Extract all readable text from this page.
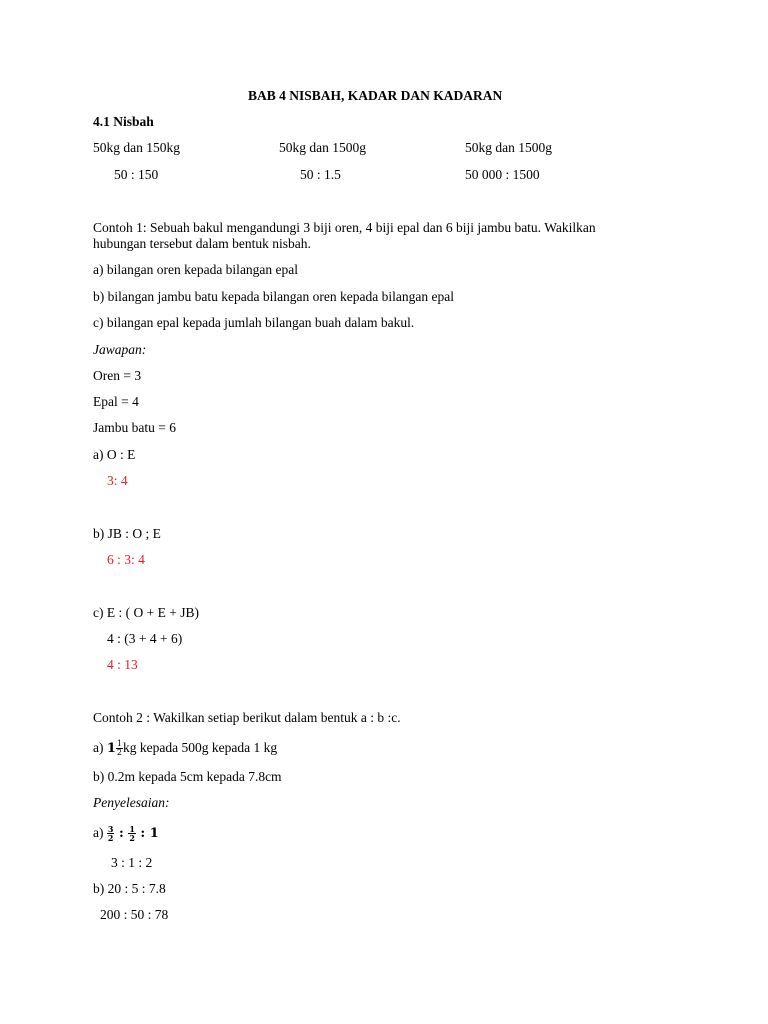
BAB 4 NISBAH, KADAR DAN KADARAN
4.1 Nisbah
50kg dan 150kg	50kg dan 1500g	50kg dan 1500g
50 : 150	50 : 1.5	50 000 : 1500
Contoh 1: Sebuah bakul mengandungi 3 biji oren, 4 biji epal dan 6 biji jambu batu. Wakilkan
hubungan tersebut dalam bentuk nisbah.
a) bilangan oren kepada bilangan epal
b) bilangan jambu batu kepada bilangan oren kepada bilangan epal
c) bilangan epal kepada jumlah bilangan buah dalam bakul.
Jawapan:
Oren = 3
Epal = 4
Jambu batu = 6
a) O : E
3: 4
b) JB : O ; E
6 : 3: 4
c) E : ( O + E + JB)
4 : (3 + 4 + 6)
4 : 13
Contoh 2 : Wakilkan setiap berikut dalam bentuk a : b :c.
a) $1 \frac{1}{2}$ kg kepada 500g kepada 1 kg
b) 0.2m kepada 5cm kepada 7.8cm
Penyelesaian:
$a) \frac{3}{2}$ : $\frac{1}{2}$ : 1
3 : 1 : 2
b) 20 : 5 : 7.8
200 : 50 : 78
